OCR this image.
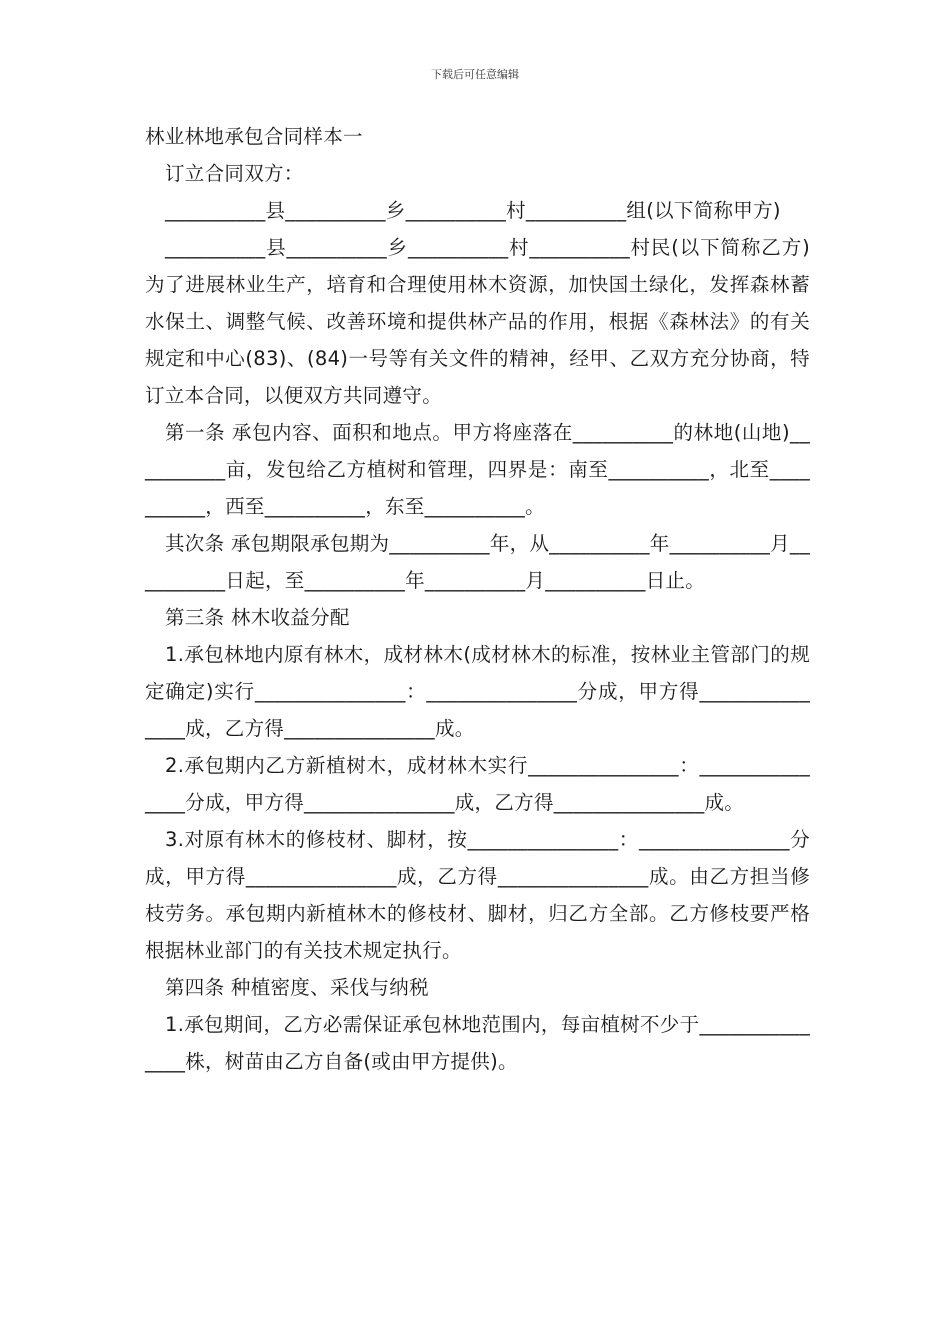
下载后可任意编辑

林业林地承包合同样本一

订立合同双方：

__________县__________乡__________村__________组(以下简称甲方)

__________县__________乡__________村__________村民(以下简称乙方) 为了进展林业生产，培育和合理使用林木资源，加快国土绿化，发挥森林蓄水保土、调整气候、改善环境和提供林产品的作用，根据《森林法》的有关规定和中心(83)、(84)一号等有关文件的精神，经甲、乙双方充分协商，特订立本合同，以便双方共同遵守。

第一条 承包内容、面积和地点。甲方将座落在__________的林地(山地)__________亩，发包给乙方植树和管理，四界是：南至__________，北至__________，西至__________，东至__________。

其次条 承包期限承包期为__________年，从__________年__________月__________日起，至__________年__________月__________日止。

第三条 林木收益分配

1.承包林地内原有林木，成材林木(成材林木的标准，按林业主管部门的规定确定)实行_______________：_______________分成，甲方得_______________成，乙方得_______________成。

2.承包期内乙方新植树木，成材林木实行_______________：_______________分成，甲方得_______________成，乙方得_______________成。

3.对原有林木的修枝材、脚材，按_______________：_______________分成，甲方得_______________成，乙方得_______________成。由乙方担当修枝劳务。承包期内新植林木的修枝材、脚材，归乙方全部。乙方修枝要严格根据林业部门的有关技术规定执行。

第四条 种植密度、采伐与纳税

1.承包期间，乙方必需保证承包林地范围内，每亩植树不少于_______________株，树苗由乙方自备(或由甲方提供)。
